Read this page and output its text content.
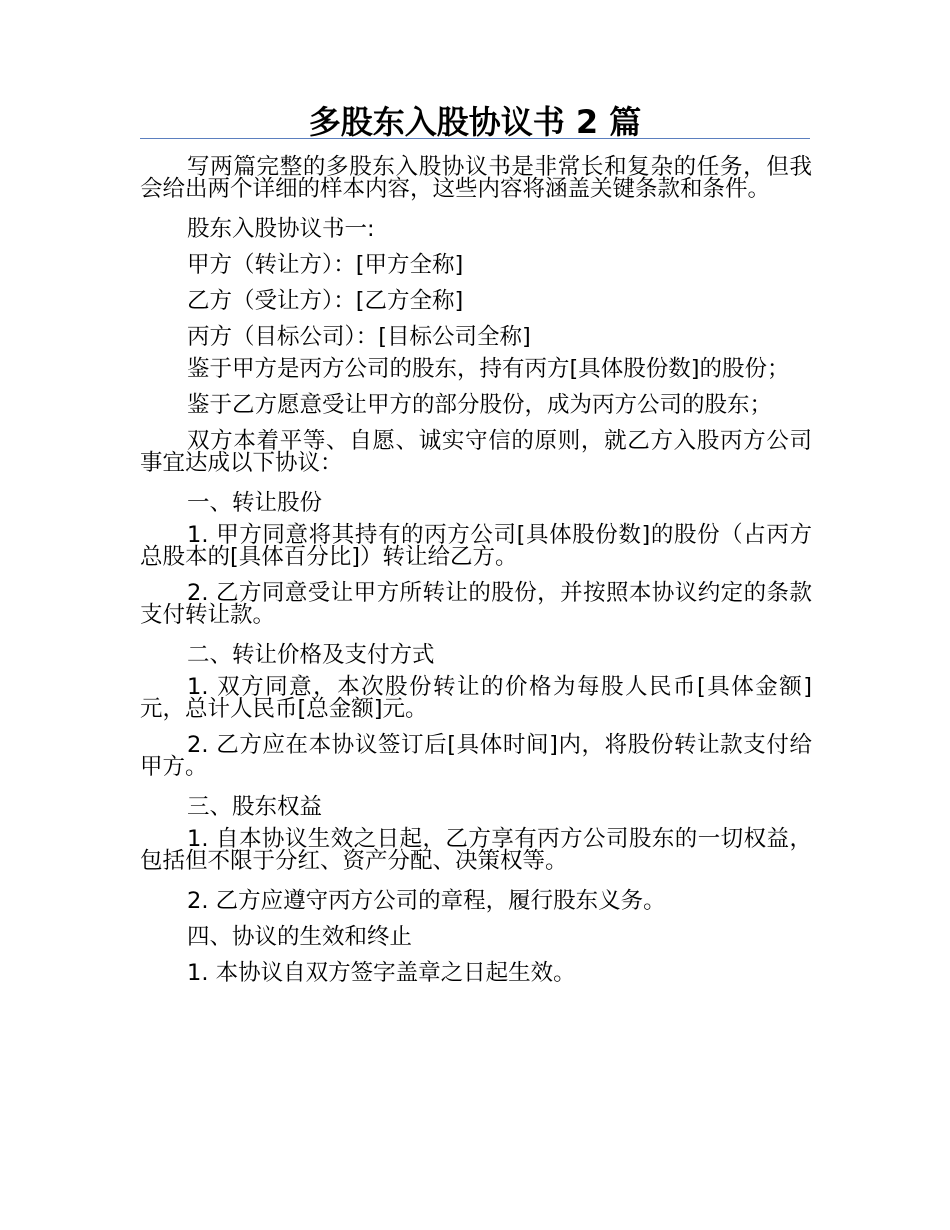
多股东入股协议书 2 篇

写两篇完整的多股东入股协议书是非常长和复杂的任务，但我会给出两个详细的样本内容，这些内容将涵盖关键条款和条件。

股东入股协议书一:

甲方（转让方）：[甲方全称]

乙方（受让方）：[乙方全称]

丙方（目标公司）：[目标公司全称]

鉴于甲方是丙方公司的股东，持有丙方[具体股份数]的股份；

鉴于乙方愿意受让甲方的部分股份，成为丙方公司的股东；

双方本着平等、自愿、诚实守信的原则，就乙方入股丙方公司事宜达成以下协议：

一、转让股份

1. 甲方同意将其持有的丙方公司[具体股份数]的股份（占丙方总股本的[具体百分比]）转让给乙方。

2. 乙方同意受让甲方所转让的股份，并按照本协议约定的条款支付转让款。

二、转让价格及支付方式

1. 双方同意，本次股份转让的价格为每股人民币[具体金额]元，总计人民币[总金额]元。

2. 乙方应在本协议签订后[具体时间]内，将股份转让款支付给甲方。

三、股东权益

1. 自本协议生效之日起，乙方享有丙方公司股东的一切权益，包括但不限于分红、资产分配、决策权等。

2. 乙方应遵守丙方公司的章程，履行股东义务。

四、协议的生效和终止

1. 本协议自双方签字盖章之日起生效。
